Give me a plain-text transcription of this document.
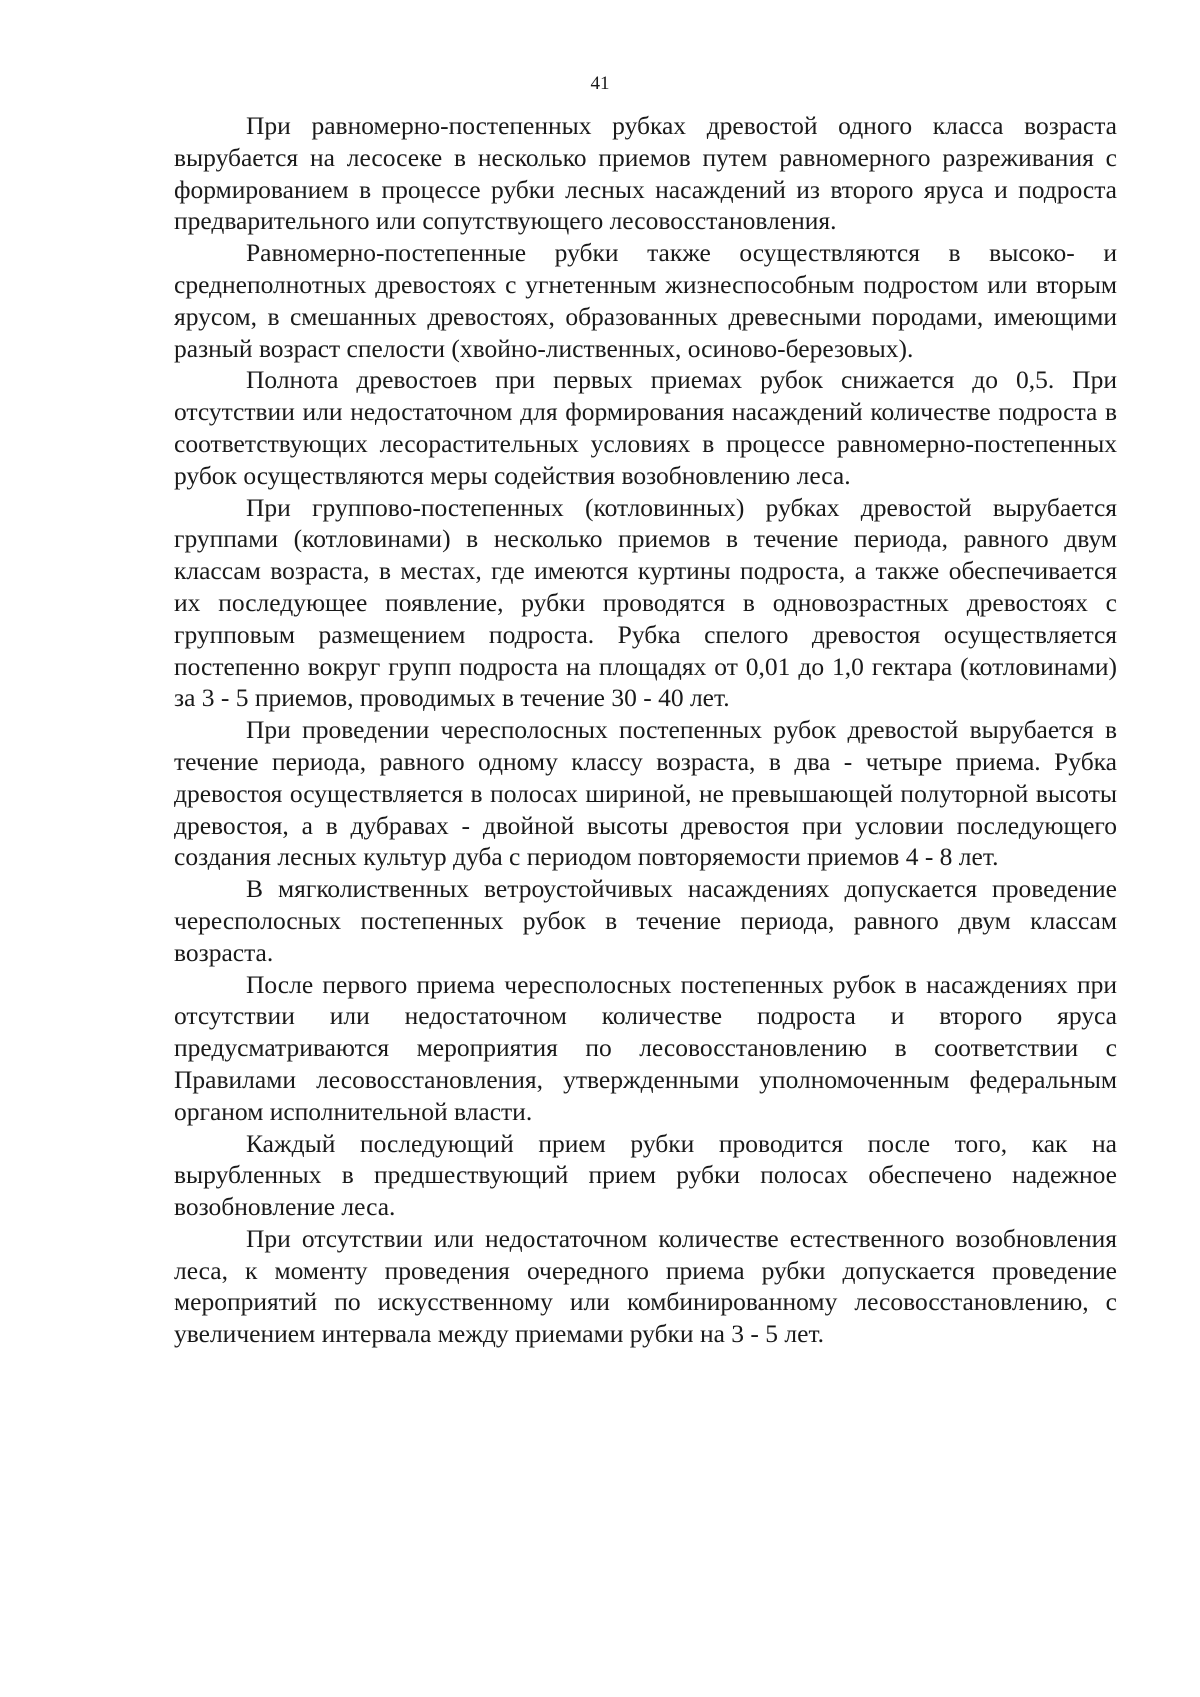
41

При равномерно-постепенных рубках древостой одного класса возраста вырубается на лесосеке в несколько приемов путем равномерного разреживания с формированием в процессе рубки лесных насаждений из второго яруса и подроста предварительного или сопутствующего лесовосстановления.

Равномерно-постепенные рубки также осуществляются в высоко- и среднеполнотных древостоях с угнетенным жизнеспособным подростом или вторым ярусом, в смешанных древостоях, образованных древесными породами, имеющими разный возраст спелости (хвойно-лиственных, осиново-березовых).

Полнота древостоев при первых приемах рубок снижается до 0,5. При отсутствии или недостаточном для формирования насаждений количестве подроста в соответствующих лесорастительных условиях в процессе равномерно-постепенных рубок осуществляются меры содействия возобновлению леса.

При группово-постепенных (котловинных) рубках древостой вырубается группами (котловинами) в несколько приемов в течение периода, равного двум классам возраста, в местах, где имеются куртины подроста, а также обеспечивается их последующее появление, рубки проводятся в одновозрастных древостоях с групповым размещением подроста. Рубка спелого древостоя осуществляется постепенно вокруг групп подроста на площадях от 0,01 до 1,0 гектара (котловинами) за 3 - 5 приемов, проводимых в течение 30 - 40 лет.

При проведении чересполосных постепенных рубок древостой вырубается в течение периода, равного одному классу возраста, в два - четыре приема. Рубка древостоя осуществляется в полосах шириной, не превышающей полуторной высоты древостоя, а в дубравах - двойной высоты древостоя при условии последующего создания лесных культур дуба с периодом повторяемости приемов 4 - 8 лет.

В мягколиственных ветроустойчивых насаждениях допускается проведение чересполосных постепенных рубок в течение периода, равного двум классам возраста.

После первого приема чересполосных постепенных рубок в насаждениях при отсутствии или недостаточном количестве подроста и второго яруса предусматриваются мероприятия по лесовосстановлению в соответствии с Правилами лесовосстановления, утвержденными уполномоченным федеральным органом исполнительной власти.

Каждый последующий прием рубки проводится после того, как на вырубленных в предшествующий прием рубки полосах обеспечено надежное возобновление леса.

При отсутствии или недостаточном количестве естественного возобновления леса, к моменту проведения очередного приема рубки допускается проведение мероприятий по искусственному или комбинированному лесовосстановлению, с увеличением интервала между приемами рубки на 3 - 5 лет.
